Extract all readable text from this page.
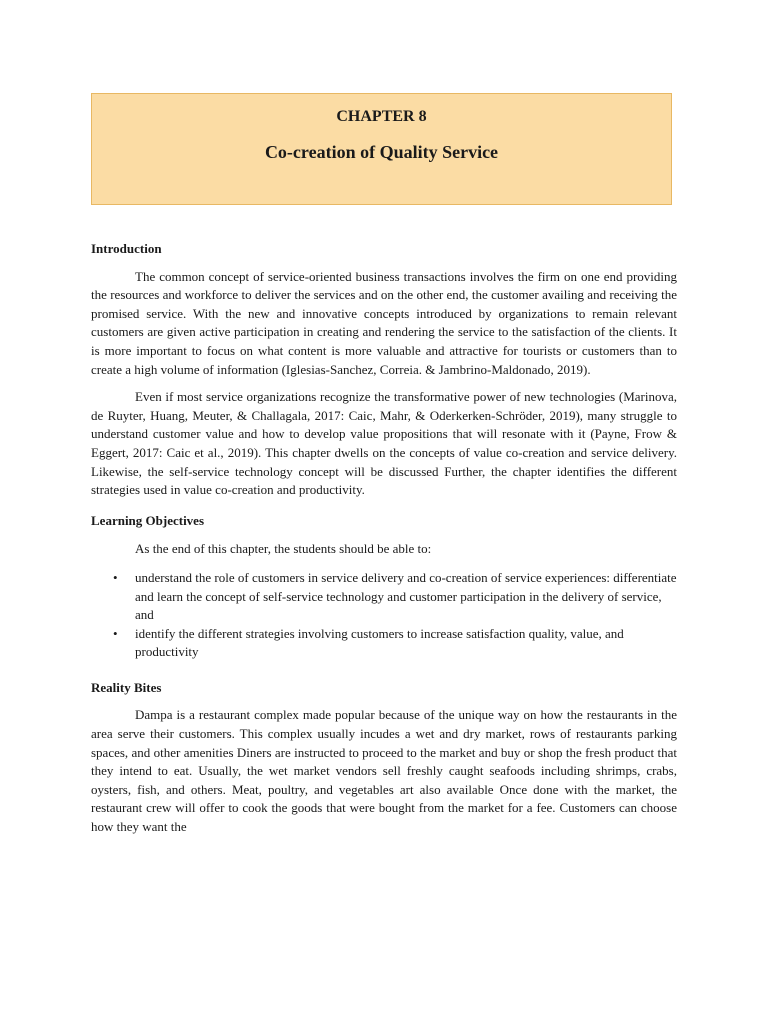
CHAPTER 8
Co-creation of Quality Service

Introduction

The common concept of service-oriented business transactions involves the firm on one end providing the resources and workforce to deliver the services and on the other end, the customer availing and receiving the promised service. With the new and innovative concepts introduced by organizations to remain relevant customers are given active participation in creating and rendering the service to the satisfaction of the clients. It is more important to focus on what content is more valuable and attractive for tourists or customers than to create a high volume of information (Iglesias-Sanchez, Correia. & Jambrino-Maldonado, 2019).

Even if most service organizations recognize the transformative power of new technologies (Marinova, de Ruyter, Huang, Meuter, & Challagala, 2017: Caic, Mahr, & Oderkerken-Schröder, 2019), many struggle to understand customer value and how to develop value propositions that will resonate with it (Payne, Frow & Eggert, 2017: Caic et al., 2019). This chapter dwells on the concepts of value co-creation and service delivery. Likewise, the self-service technology concept will be discussed Further, the chapter identifies the different strategies used in value co-creation and productivity.

Learning Objectives

As the end of this chapter, the students should be able to:

• understand the role of customers in service delivery and co-creation of service experiences: differentiate and learn the concept of self-service technology and customer participation in the delivery of service, and
• identify the different strategies involving customers to increase satisfaction quality, value, and productivity

Reality Bites

Dampa is a restaurant complex made popular because of the unique way on how the restaurants in the area serve their customers. This complex usually incudes a wet and dry market, rows of restaurants parking spaces, and other amenities Diners are instructed to proceed to the market and buy or shop the fresh product that they intend to eat. Usually, the wet market vendors sell freshly caught seafoods including shrimps, crabs, oysters, fish, and others. Meat, poultry, and vegetables art also available Once done with the market, the restaurant crew will offer to cook the goods that were bought from the market for a fee. Customers can choose how they want the
